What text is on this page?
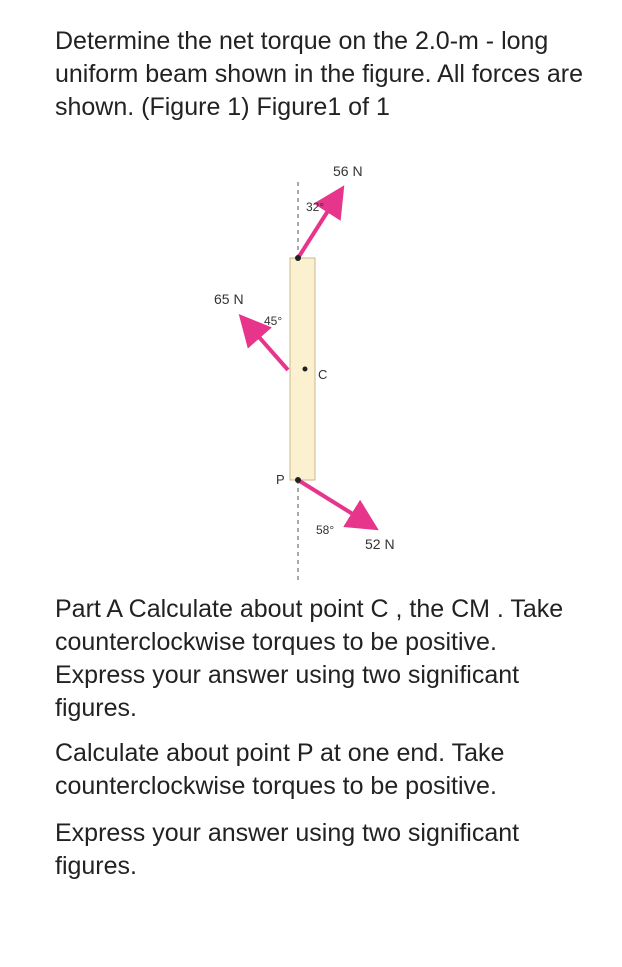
Determine the net torque on the 2.0-m - long uniform beam shown in the figure. All forces are shown. (Figure 1) Figure1 of 1

56 N
32°
65 N
45°
C
P
58°
52 N

Part A Calculate about point C , the CM . Take counterclockwise torques to be positive. Express your answer using two significant figures.

Calculate about point P at one end. Take counterclockwise torques to be positive.

Express your answer using two significant figures.
